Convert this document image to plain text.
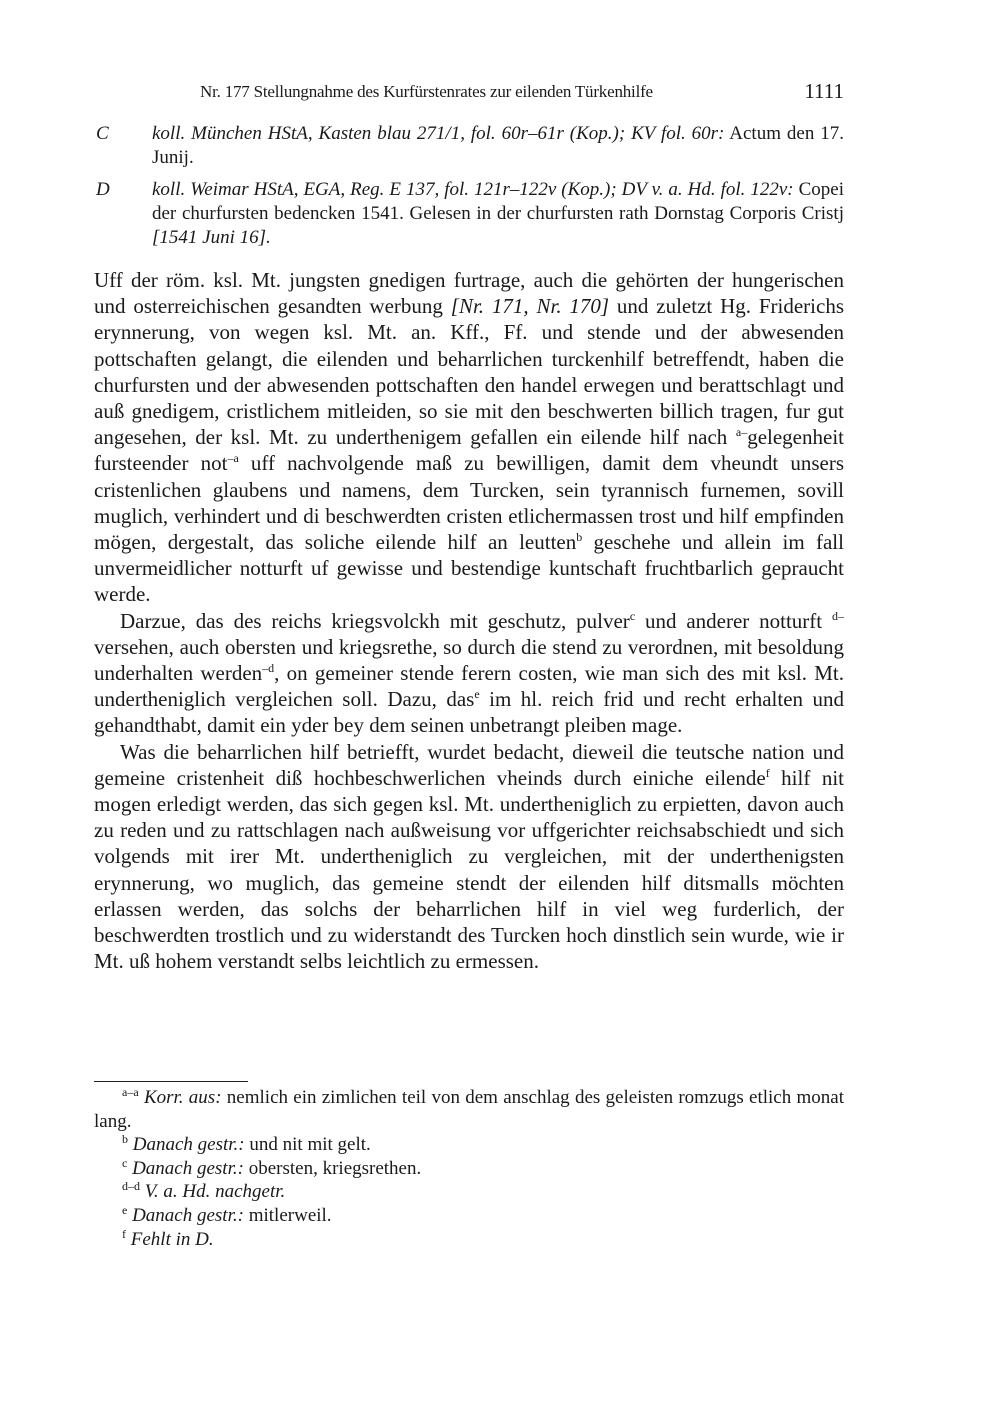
Nr. 177 Stellungnahme des Kurfürstenrates zur eilenden Türkenhilfe	1111
C koll. München HStA, Kasten blau 271/1, fol. 60r–61r (Kop.); KV fol. 60r: Actum den 17. Junij.
D koll. Weimar HStA, EGA, Reg. E 137, fol. 121r–122v (Kop.); DV v. a. Hd. fol. 122v: Copei der churfursten bedencken 1541. Gelesen in der churfursten rath Dornstag Corporis Cristj [1541 Juni 16].

Uff der röm. ksl. Mt. jungsten gnedigen furtrage, auch die gehörten der hungerischen und osterreichischen gesandten werbung [Nr. 171, Nr. 170] und zuletzt Hg. Friderichs erynnerung, von wegen ksl. Mt. an. Kff., Ff. und stende und der abwesenden pottschaften gelangt, die eilenden und beharrlichen turckenhilf betreffendt, haben die churfursten und der abwesenden pottschaften den handel erwegen und berattschlagt und auß gnedigem, cristlichem mitleiden, so sie mit den beschwerten billich tragen, fur gut angesehen, der ksl. Mt. zu underthenigem gefallen ein eilende hilf nach $^{a-}$gelegenheit fursteender not$^{-a}$ uff nachvolgende maß zu bewilligen, damit dem vheundt unsers cristenlichen glaubens und namens, dem Turcken, sein tyrannisch furnemen, sovill muglich, verhindert und di beschwerdten cristen etlichermassen trost und hilf empfinden mögen, dergestalt, das soliche eilende hilf an leutten$^b$ geschehe und allein im fall unvermeidlicher notturft uf gewisse und bestendige kuntschaft fruchtbarlich gepraucht werde.

Darzue, das des reichs kriegsvolckh mit geschutz, pulver$^c$ und anderer notturft $^{d-}$versehen, auch obersten und kriegsrethe, so durch die stend zu verordnen, mit besoldung underhalten werden$^{-d}$, on gemeiner stende ferern costen, wie man sich des mit ksl. Mt. undertheniglich vergleichen soll. Dazu, das$^e$ im hl. reich frid und recht erhalten und gehandthabt, damit ein yder bey dem seinen unbetrangt pleiben mage.

Was die beharrlichen hilf betriefft, wurdet bedacht, dieweil die teutsche nation und gemeine cristenheit diß hochbeschwerlichen vheinds durch einiche eilende$^f$ hilf nit mogen erledigt werden, das sich gegen ksl. Mt. undertheniglich zu erpietten, davon auch zu reden und zu rattschlagen nach außweisung vor uffgerichter reichsabschiedt und sich volgends mit irer Mt. undertheniglich zu vergleichen, mit der underthenigsten erynnerung, wo muglich, das gemeine stendt der eilenden hilf ditsmalls möchten erlassen werden, das solchs der beharrlichen hilf in viel weg furderlich, der beschwerdten trostlich und zu widerstandt des Turcken hoch dinstlich sein wurde, wie ir Mt. uß hohem verstandt selbs leichtlich zu ermessen.

$^{a-a}$ Korr. aus: nemlich ein zimlichen teil von dem anschlag des geleisten romzugs etlich monat lang.

$^b$ Danach gestr.: und nit mit gelt.

$^c$ Danach gestr.: obersten, kriegsrethen.

$^{d-d}$ V. a. Hd. nachgetr.

$^e$ Danach gestr.: mitlerweil.

$^f$ Fehlt in D.
